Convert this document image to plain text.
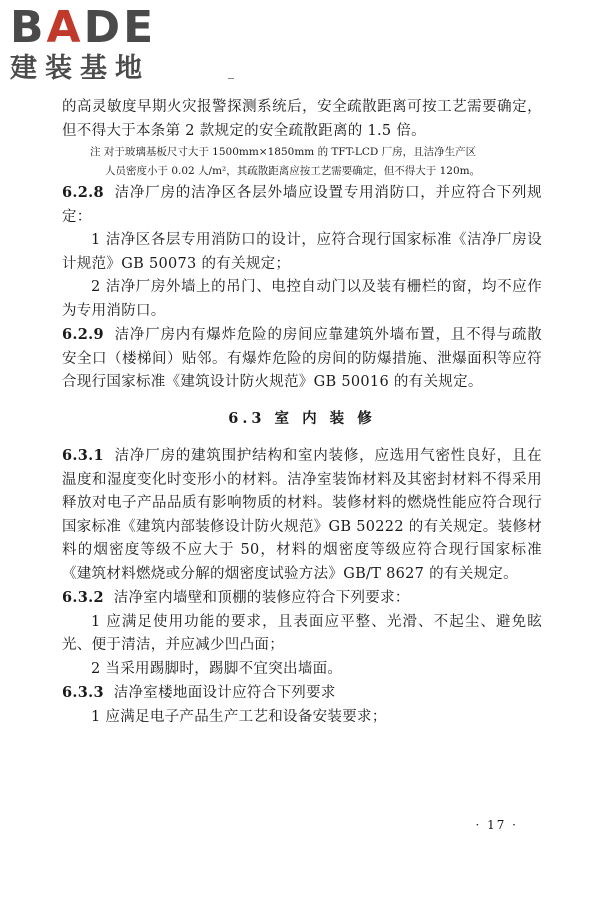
BADE
建装基地

的高灵敏度早期火灾报警探测系统后，安全疏散距离可按工艺需要确定，但不得大于本条第 2 款规定的安全疏散距离的 1.5 倍。

注 对于玻璃基板尺寸大于 1500mm×1850mm 的 TFT-LCD 厂房，且洁净生产区

人员密度小于 0.02 人/m²，其疏散距离应按工艺需要确定，但不得大于 120m。

6.2.8 洁净厂房的洁净区各层外墙应设置专用消防口，并应符合下列规定：

1 洁净区各层专用消防口的设计，应符合现行国家标准《洁净厂房设计规范》GB 50073 的有关规定；

2 洁净厂房外墙上的吊门、电控自动门以及装有栅栏的窗，均不应作为专用消防口。

6.2.9 洁净厂房内有爆炸危险的房间应靠建筑外墙布置，且不得与疏散安全口（楼梯间）贴邻。有爆炸危险的房间的防爆措施、泄爆面积等应符合现行国家标准《建筑设计防火规范》GB 50016 的有关规定。

6.3 室 内 装 修

6.3.1 洁净厂房的建筑围护结构和室内装修，应选用气密性良好，且在温度和湿度变化时变形小的材料。洁净室装饰材料及其密封材料不得采用释放对电子产品品质有影响物质的材料。装修材料的燃烧性能应符合现行国家标准《建筑内部装修设计防火规范》GB 50222 的有关规定。装修材料的烟密度等级不应大于 50，材料的烟密度等级应符合现行国家标准《建筑材料燃烧或分解的烟密度试验方法》GB/T 8627 的有关规定。

6.3.2 洁净室内墙壁和顶棚的装修应符合下列要求：

1 应满足使用功能的要求，且表面应平整、光滑、不起尘、避免眩光、便于清洁，并应减少凹凸面；

2 当采用踢脚时，踢脚不宜突出墙面。

6.3.3 洁净室楼地面设计应符合下列要求

1 应满足电子产品生产工艺和设备安装要求；

· 17 ·
